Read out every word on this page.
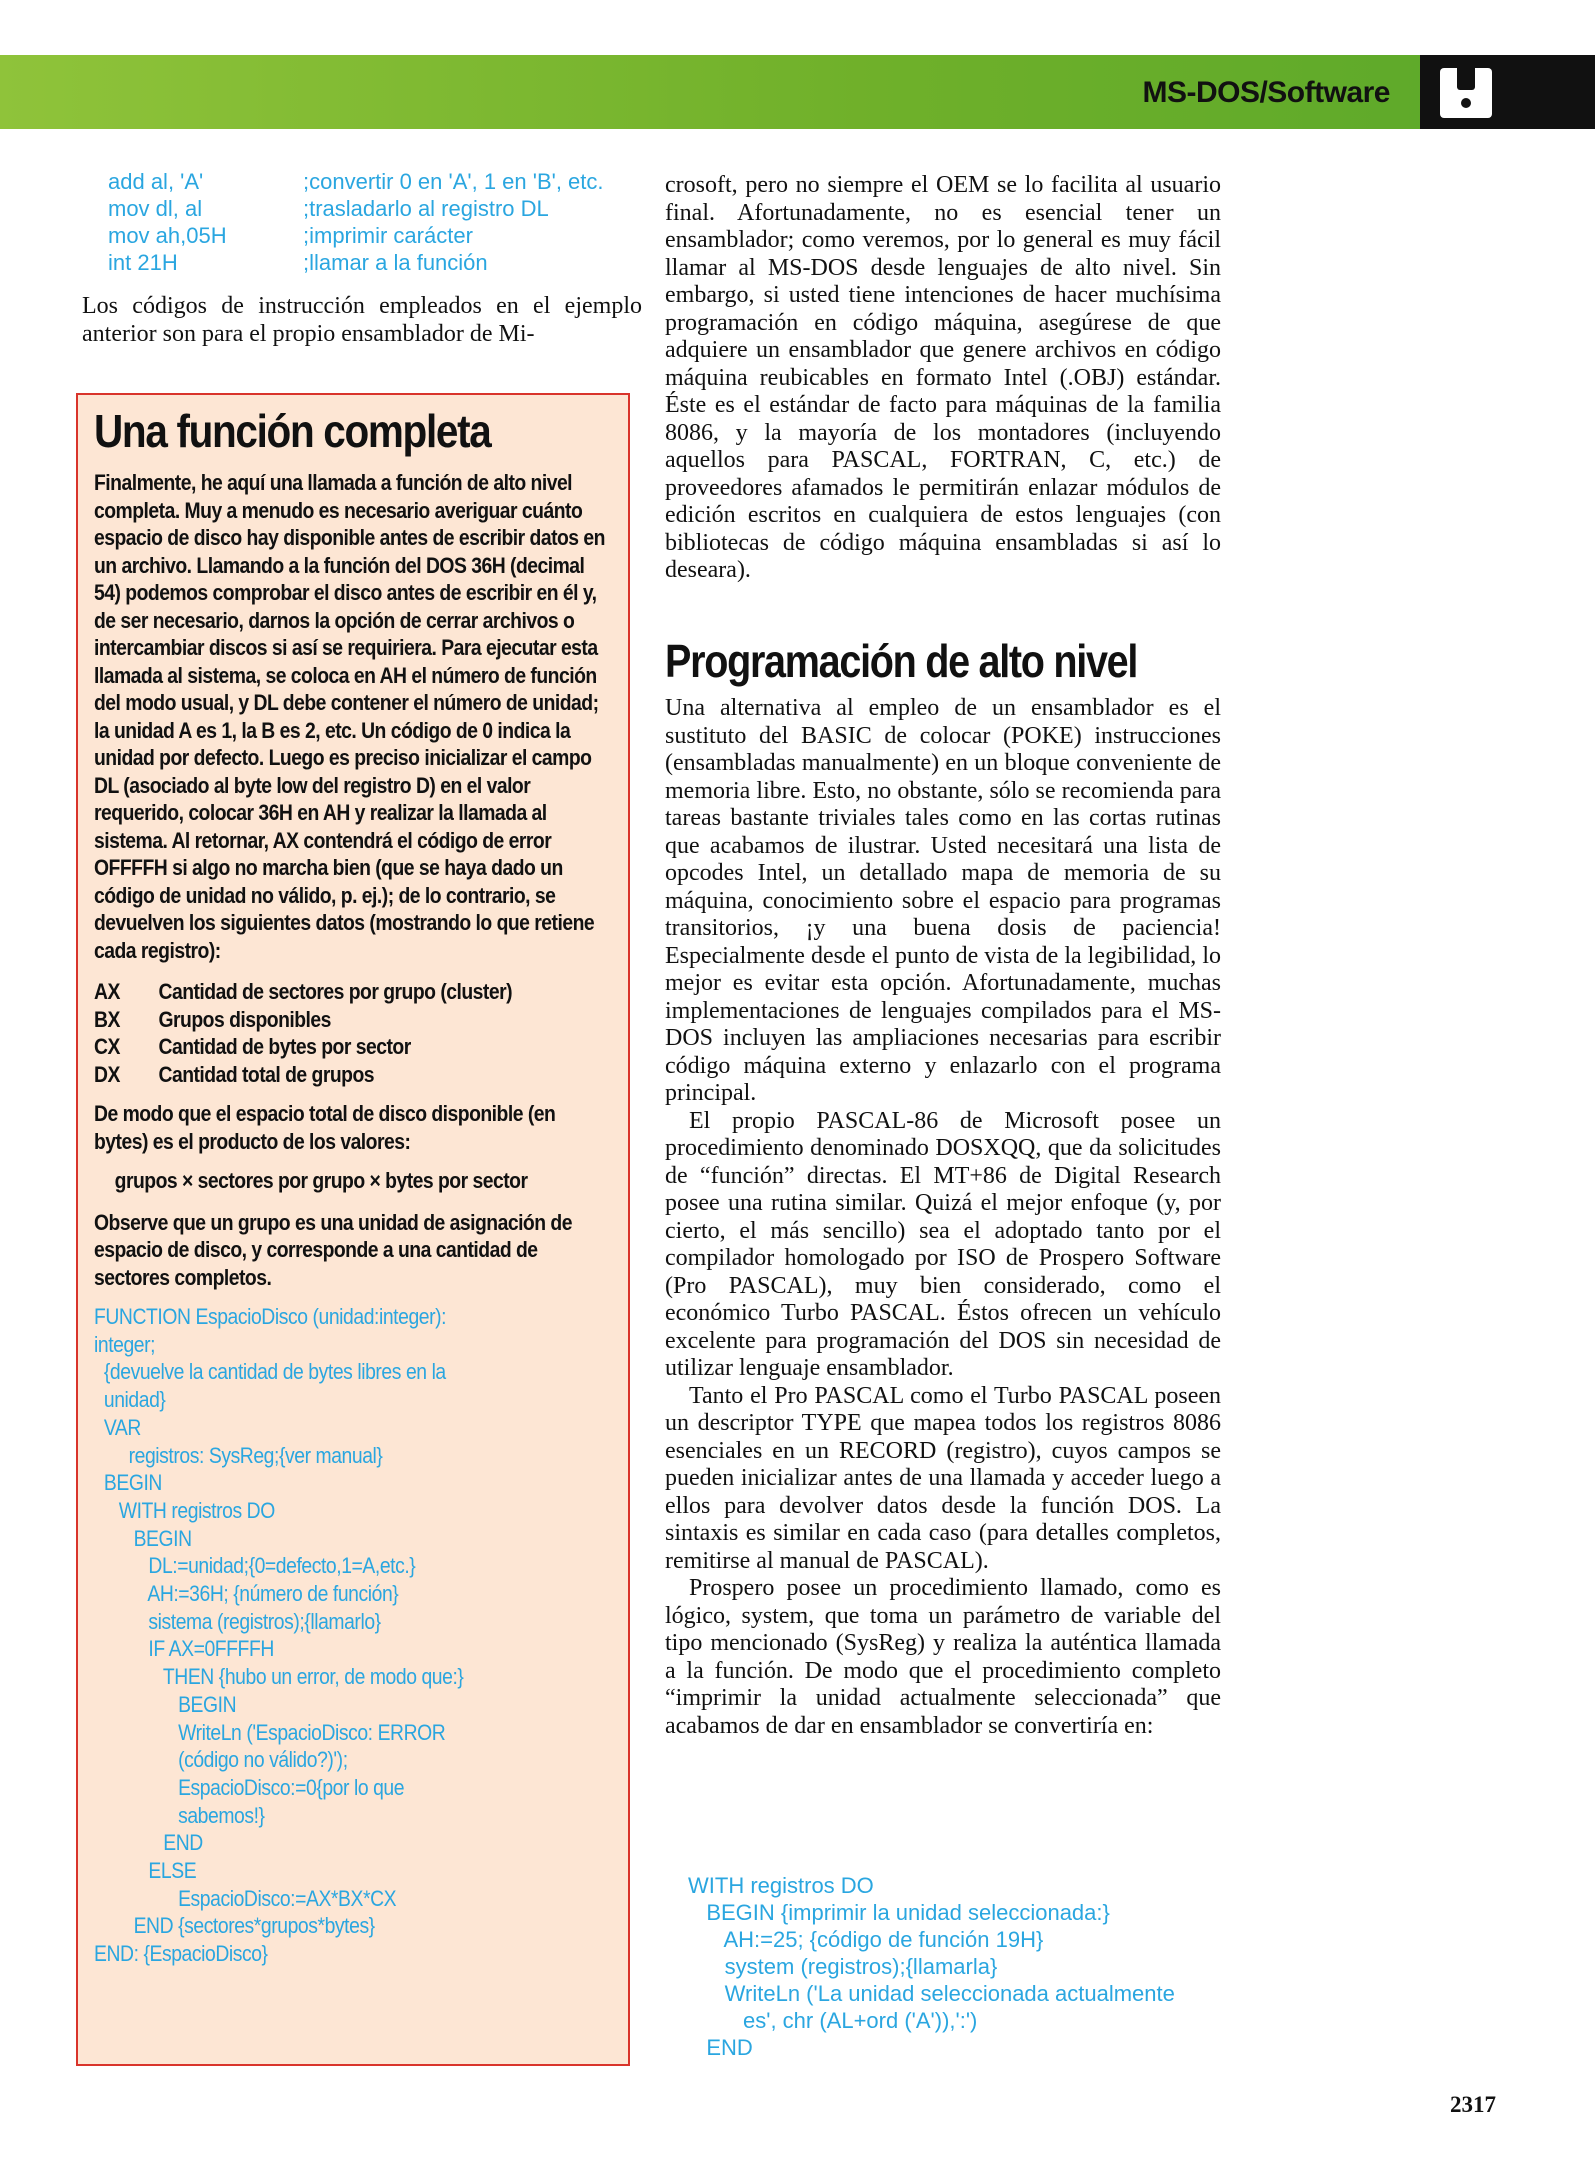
MS-DOS/Software
add al, 'A'	;convertir 0 en 'A', 1 en 'B', etc.
mov dl, al	;trasladarlo al registro DL
mov ah,05H	;imprimir carácter
int 21H	;llamar a la función

Los códigos de instrucción empleados en el ejemplo anterior son para el propio ensamblador de Mi-

Una función completa

Finalmente, he aquí una llamada a función de alto nivel completa. Muy a menudo es necesario averiguar cuánto espacio de disco hay disponible antes de escribir datos en un archivo. Llamando a la función del DOS 36H (decimal 54) podemos comprobar el disco antes de escribir en él y, de ser necesario, darnos la opción de cerrar archivos o intercambiar discos si así se requiriera. Para ejecutar esta llamada al sistema, se coloca en AH el número de función del modo usual, y DL debe contener el número de unidad; la unidad A es 1, la B es 2, etc. Un código de 0 indica la unidad por defecto. Luego es preciso inicializar el campo DL (asociado al byte low del registro D) en el valor requerido, colocar 36H en AH y realizar la llamada al sistema. Al retornar, AX contendrá el código de error OFFFFH si algo no marcha bien (que se haya dado un código de unidad no válido, p. ej.); de lo contrario, se devuelven los siguientes datos (mostrando lo que retiene cada registro):

AX	Cantidad de sectores por grupo (cluster)
BX	Grupos disponibles
CX	Cantidad de bytes por sector
DX	Cantidad total de grupos

De modo que el espacio total de disco disponible (en bytes) es el producto de los valores:

grupos × sectores por grupo × bytes por sector

Observe que un grupo es una unidad de asignación de espacio de disco, y corresponde a una cantidad de sectores completos.

FUNCTION EspacioDisco (unidad:integer):
integer;
{devuelve la cantidad de bytes libres en la
unidad}
VAR
registros: SysReg;{ver manual}
BEGIN
WITH registros DO
BEGIN
DL:=unidad;{0=defecto,1=A,etc.}
AH:=36H; {número de función}
sistema (registros);{llamarlo}
IF AX=0FFFFH
THEN {hubo un error, de modo que:}
BEGIN
WriteLn ('EspacioDisco: ERROR
(código no válido?)');
EspacioDisco:=0{por lo que
sabemos!}
END
ELSE
EspacioDisco:=AX*BX*CX
END {sectores*grupos*bytes}
END: {EspacioDisco}

crosoft, pero no siempre el OEM se lo facilita al usuario final. Afortunadamente, no es esencial tener un ensamblador; como veremos, por lo general es muy fácil llamar al MS-DOS desde lenguajes de alto nivel. Sin embargo, si usted tiene intenciones de hacer muchísima programación en código máquina, asegúrese de que adquiere un ensamblador que genere archivos en código máquina reubicables en formato Intel (.OBJ) estándar. Éste es el estándar de facto para máquinas de la familia 8086, y la mayoría de los montadores (incluyendo aquellos para PASCAL, FORTRAN, C, etc.) de proveedores afamados le permitirán enlazar módulos de edición escritos en cualquiera de estos lenguajes (con bibliotecas de código máquina ensambladas si así lo deseara).

Programación de alto nivel

Una alternativa al empleo de un ensamblador es el sustituto del BASIC de colocar (POKE) instrucciones (ensambladas manualmente) en un bloque conveniente de memoria libre. Esto, no obstante, sólo se recomienda para tareas bastante triviales tales como en las cortas rutinas que acabamos de ilustrar. Usted necesitará una lista de opcodes Intel, un detallado mapa de memoria de su máquina, conocimiento sobre el espacio para programas transitorios, ¡y una buena dosis de paciencia! Especialmente desde el punto de vista de la legibilidad, lo mejor es evitar esta opción. Afortunadamente, muchas implementaciones de lenguajes compilados para el MS-DOS incluyen las ampliaciones necesarias para escribir código máquina externo y enlazarlo con el programa principal.

El propio PASCAL-86 de Microsoft posee un procedimiento denominado DOSXQQ, que da solicitudes de “función” directas. El MT+86 de Digital Research posee una rutina similar. Quizá el mejor enfoque (y, por cierto, el más sencillo) sea el adoptado tanto por el compilador homologado por ISO de Prospero Software (Pro PASCAL), muy bien considerado, como el económico Turbo PASCAL. Éstos ofrecen un vehículo excelente para programación del DOS sin necesidad de utilizar lenguaje ensamblador.

Tanto el Pro PASCAL como el Turbo PASCAL poseen un descriptor TYPE que mapea todos los registros 8086 esenciales en un RECORD (registro), cuyos campos se pueden inicializar antes de una llamada y acceder luego a ellos para devolver datos desde la función DOS. La sintaxis es similar en cada caso (para detalles completos, remitirse al manual de PASCAL).

Prospero posee un procedimiento llamado, como es lógico, system, que toma un parámetro de variable del tipo mencionado (SysReg) y realiza la auténtica llamada a la función. De modo que el procedimiento completo “imprimir la unidad actualmente seleccionada” que acabamos de dar en ensamblador se convertiría en:

WITH registros DO
BEGIN {imprimir la unidad seleccionada:}
AH:=25; {código de función 19H}
system (registros);{llamarla}
WriteLn ('La unidad seleccionada actualmente
es', chr (AL+ord ('A')),':')
END
2317
